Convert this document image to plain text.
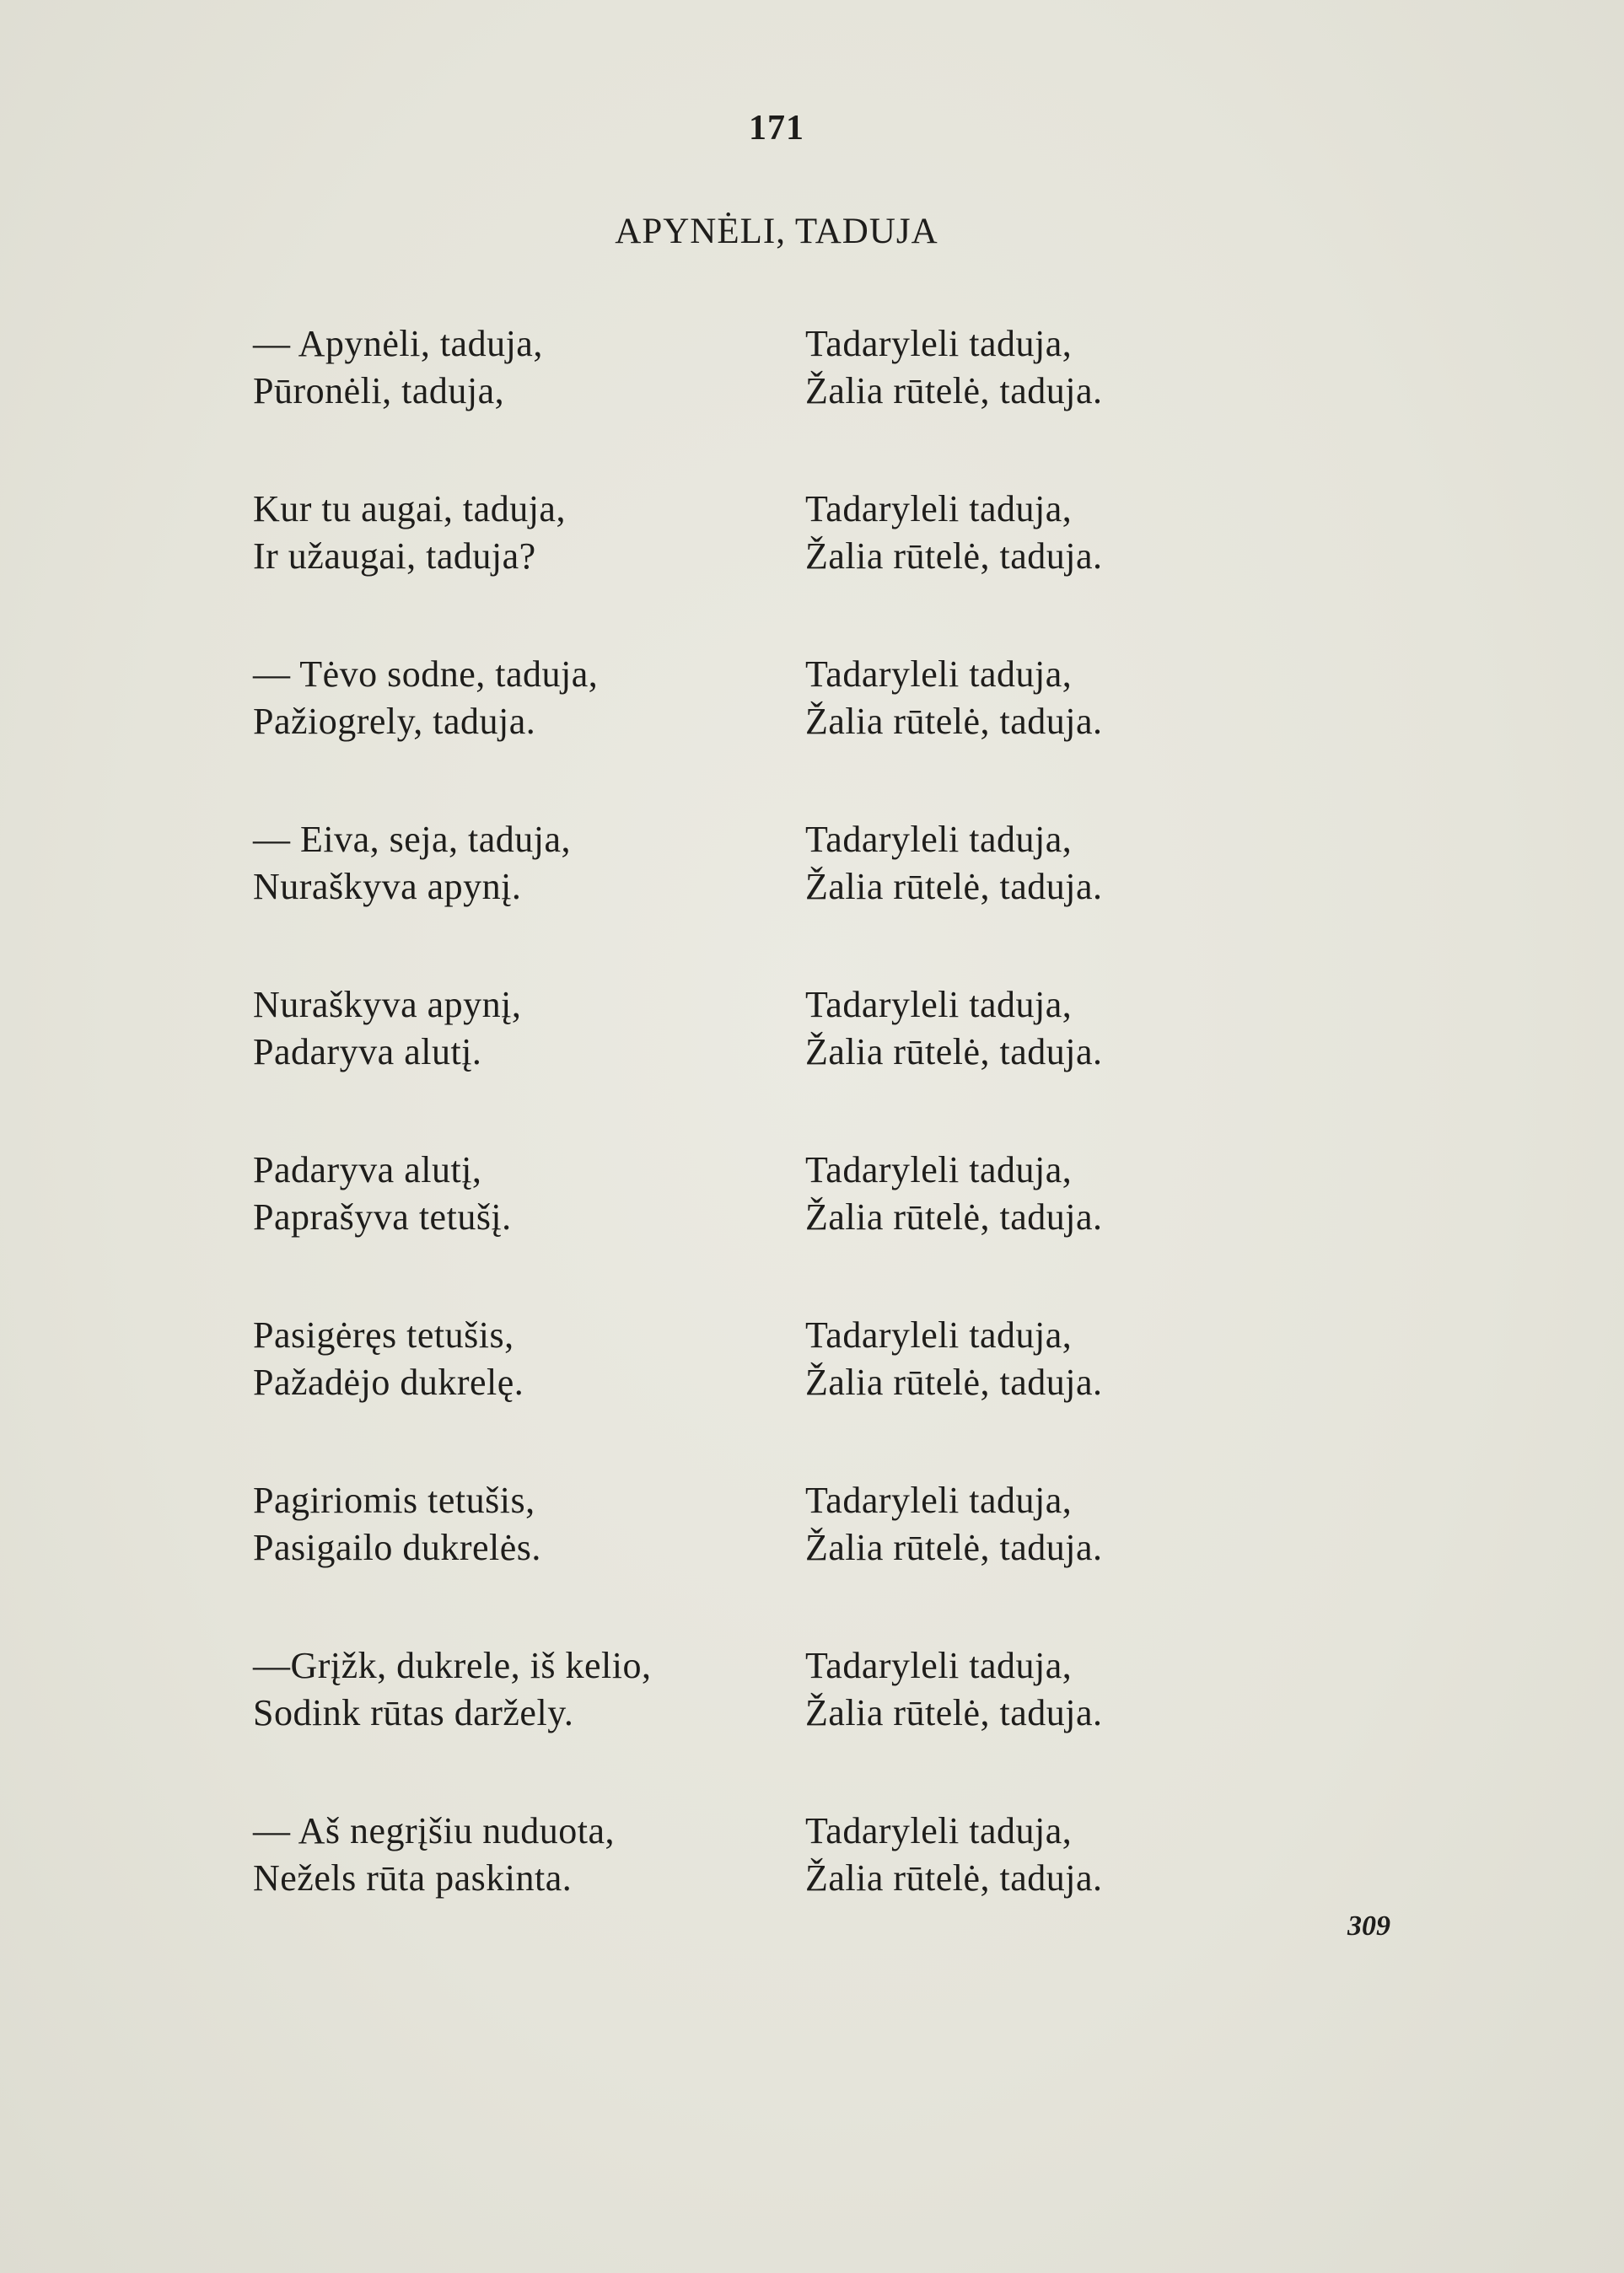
171
APYNĖLI, TADUJA
— Apynėli, taduja,
Pūronėli, taduja,
Tadaryleli taduja,
Žalia rūtelė, taduja.
Kur tu augai, taduja,
Ir užaugai, taduja?
Tadaryleli taduja,
Žalia rūtelė, taduja.
— Tėvo sodne, taduja,
Pažiogrely, taduja.
Tadaryleli taduja,
Žalia rūtelė, taduja.
— Eiva, seja, taduja,
Nuraškyva apynį.
Tadaryleli taduja,
Žalia rūtelė, taduja.
Nuraškyva apynį,
Padaryva alutį.
Tadaryleli taduja,
Žalia rūtelė, taduja.
Padaryva alutį,
Paprašyva tetušį.
Tadaryleli taduja,
Žalia rūtelė, taduja.
Pasigėręs tetušis,
Pažadėjo dukrelę.
Tadaryleli taduja,
Žalia rūtelė, taduja.
Pagiriomis tetušis,
Pasigailo dukrelės.
Tadaryleli taduja,
Žalia rūtelė, taduja.
—Grįžk, dukrele, iš kelio,
Sodink rūtas daržely.
Tadaryleli taduja,
Žalia rūtelė, taduja.
— Aš negrįšiu nuduota,
Nežels rūta paskinta.
Tadaryleli taduja,
Žalia rūtelė, taduja.
309
